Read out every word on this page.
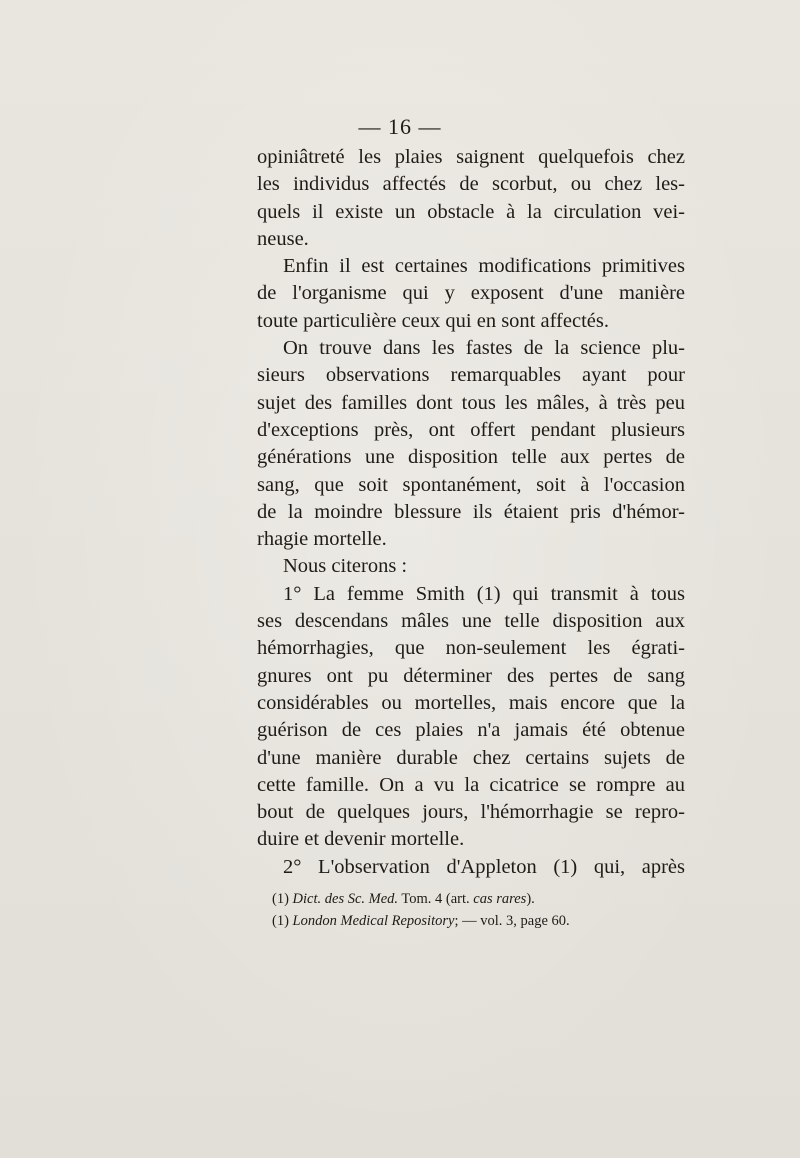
— 16 —
opiniâtreté les plaies saignent quelquefois chez
les individus affectés de scorbut, ou chez les-
quels il existe un obstacle à la circulation vei-
neuse.
Enfin il est certaines modifications primitives
de l'organisme qui y exposent d'une manière
toute particulière ceux qui en sont affectés.
On trouve dans les fastes de la science plu-
sieurs observations remarquables ayant pour
sujet des familles dont tous les mâles, à très peu
d'exceptions près, ont offert pendant plusieurs
générations une disposition telle aux pertes de
sang, que soit spontanément, soit à l'occasion
de la moindre blessure ils étaient pris d'hémor-
rhagie mortelle.
Nous citerons :
1° La femme Smith (1) qui transmit à tous
ses descendans mâles une telle disposition aux
hémorrhagies, que non-seulement les égrati-
gnures ont pu déterminer des pertes de sang
considérables ou mortelles, mais encore que la
guérison de ces plaies n'a jamais été obtenue
d'une manière durable chez certains sujets de
cette famille. On a vu la cicatrice se rompre au
bout de quelques jours, l'hémorrhagie se repro-
duire et devenir mortelle.
2° L'observation d'Appleton (1) qui, après
(1) Dict. des Sc. Med. Tom. 4 (art. cas rares).
(1) London Medical Repository; — vol. 3, page 60.
